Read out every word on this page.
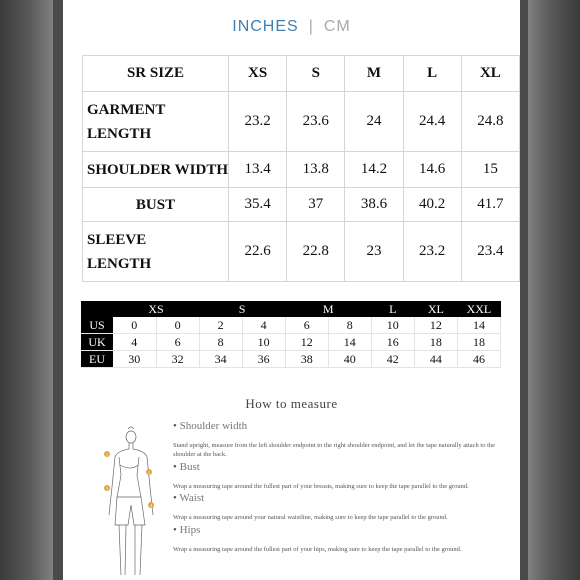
INCHES | CM
SR SIZE	XS	S	M	L	XL
GARMENT
LENGTH	23.2	23.6	24	24.4	24.8
SHOULDER WIDTH	13.4	13.8	14.2	14.6	15
BUST	35.4	37	38.6	40.2	41.7
SLEEVE
LENGTH	22.6	22.8	23	23.2	23.4
	XS		S		M		L	XL	XXL
US	0	0	2	4	6	8	10	12	14
UK	4	6	8	10	12	14	16	18	18
EU	30	32	34	36	38	40	42	44	46
How to measure
1
2
3
4
• Shoulder width
Stand upright, measure from the left shoulder endpoint to the right shoulder endpoint, and let the tape naturally attach to the shoulder at the back.
• Bust
Wrap a measuring tape around the fullest part of your breasts, making sure to keep the tape parallel to the ground.
• Waist
Wrap a measuring tape around your natural waistline, making sure to keep the tape parallel to the ground.
• Hips
Wrap a measuring tape around the fullest part of your hips, making sure to keep the tape parallel to the ground.
